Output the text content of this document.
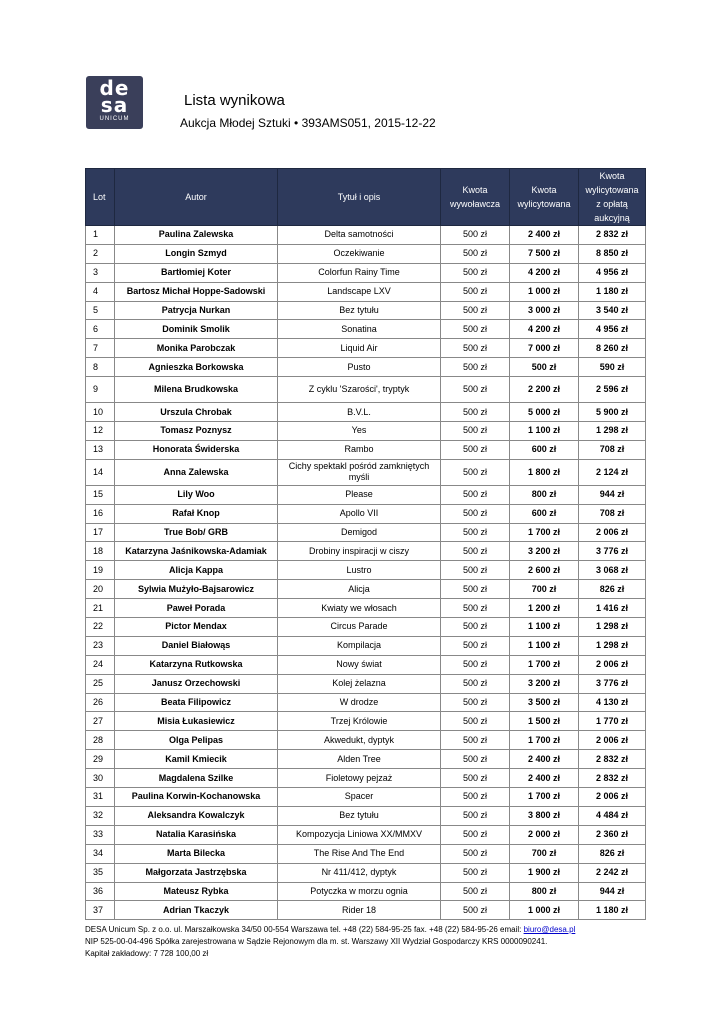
de
sa
UNICUM
Lista wynikowa
Aukcja Młodej Sztuki • 393AMS051, 2015-12-22
Lot	Autor	Tytuł i opis	Kwota wywoławcza	Kwota wylicytowana	Kwota wylicytowana z opłatą aukcyjną
1	Paulina Zalewska	Delta samotności	500 zł	2 400 zł	2 832 zł
2	Longin Szmyd	Oczekiwanie	500 zł	7 500 zł	8 850 zł
3	Bartłomiej Koter	Colorfun Rainy Time	500 zł	4 200 zł	4 956 zł
4	Bartosz Michał Hoppe-Sadowski	Landscape LXV	500 zł	1 000 zł	1 180 zł
5	Patrycja Nurkan	Bez tytułu	500 zł	3 000 zł	3 540 zł
6	Dominik Smolik	Sonatina	500 zł	4 200 zł	4 956 zł
7	Monika Parobczak	Liquid Air	500 zł	7 000 zł	8 260 zł
8	Agnieszka Borkowska	Pusto	500 zł	500 zł	590 zł
9	Milena Brudkowska	Z cyklu 'Szarości', tryptyk	500 zł	2 200 zł	2 596 zł
10	Urszula Chrobak	B.V.L.	500 zł	5 000 zł	5 900 zł
12	Tomasz Poznysz	Yes	500 zł	1 100 zł	1 298 zł
13	Honorata Świderska	Rambo	500 zł	600 zł	708 zł
14	Anna Zalewska	Cichy spektakl pośród zamkniętych myśli	500 zł	1 800 zł	2 124 zł
15	Lily Woo	Please	500 zł	800 zł	944 zł
16	Rafał Knop	Apollo VII	500 zł	600 zł	708 zł
17	True Bob/ GRB	Demigod	500 zł	1 700 zł	2 006 zł
18	Katarzyna Jaśnikowska-Adamiak	Drobiny inspiracji w ciszy	500 zł	3 200 zł	3 776 zł
19	Alicja Kappa	Lustro	500 zł	2 600 zł	3 068 zł
20	Sylwia Mużyło-Bajsarowicz	Alicja	500 zł	700 zł	826 zł
21	Paweł Porada	Kwiaty we włosach	500 zł	1 200 zł	1 416 zł
22	Pictor Mendax	Circus Parade	500 zł	1 100 zł	1 298 zł
23	Daniel Białowąs	Kompilacja	500 zł	1 100 zł	1 298 zł
24	Katarzyna Rutkowska	Nowy świat	500 zł	1 700 zł	2 006 zł
25	Janusz Orzechowski	Kolej żelazna	500 zł	3 200 zł	3 776 zł
26	Beata Filipowicz	W drodze	500 zł	3 500 zł	4 130 zł
27	Misia Łukasiewicz	Trzej Królowie	500 zł	1 500 zł	1 770 zł
28	Olga Pelipas	Akwedukt, dyptyk	500 zł	1 700 zł	2 006 zł
29	Kamil Kmiecik	Alden Tree	500 zł	2 400 zł	2 832 zł
30	Magdalena Szilke	Fioletowy pejzaż	500 zł	2 400 zł	2 832 zł
31	Paulina Korwin-Kochanowska	Spacer	500 zł	1 700 zł	2 006 zł
32	Aleksandra Kowalczyk	Bez tytułu	500 zł	3 800 zł	4 484 zł
33	Natalia Karasińska	Kompozycja Liniowa XX/MMXV	500 zł	2 000 zł	2 360 zł
34	Marta Bilecka	The Rise And The End	500 zł	700 zł	826 zł
35	Małgorzata Jastrzębska	Nr 411/412, dyptyk	500 zł	1 900 zł	2 242 zł
36	Mateusz Rybka	Potyczka w morzu ognia	500 zł	800 zł	944 zł
37	Adrian Tkaczyk	Rider 18	500 zł	1 000 zł	1 180 zł
DESA Unicum Sp. z o.o. ul. Marszałkowska 34/50 00-554 Warszawa tel. +48 (22) 584-95-25 fax. +48 (22) 584-95-26 email: biuro@desa.pl
NIP 525-00-04-496 Spółka zarejestrowana w Sądzie Rejonowym dla m. st. Warszawy XII Wydział Gospodarczy KRS 0000090241.
Kapitał zakładowy: 7 728 100,00 zł
